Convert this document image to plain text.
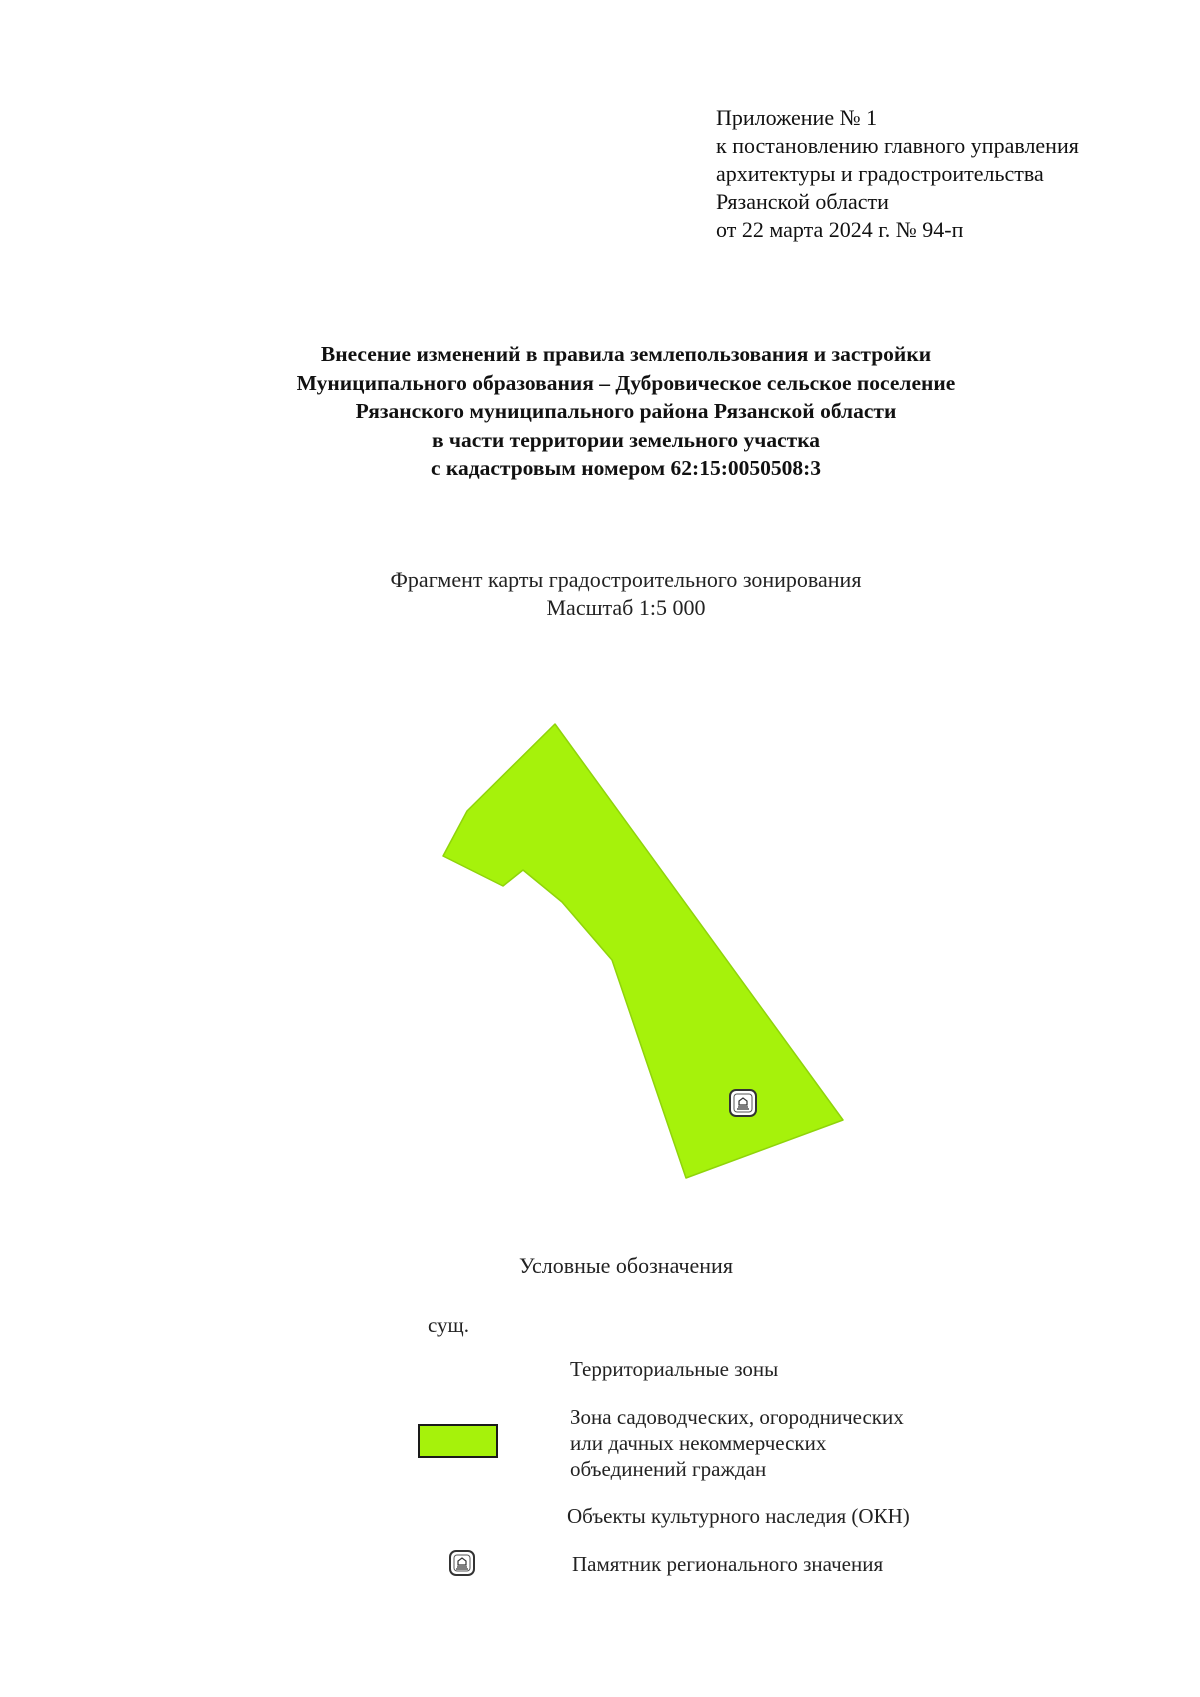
Приложение № 1
к постановлению главного управления
архитектуры и градостроительства
Рязанской области
от 22 марта 2024 г. № 94-п
Внесение изменений в правила землепользования и застройки
Муниципального образования – Дубровическое сельское поселение
Рязанского муниципального района Рязанской области
в части территории земельного участка
с кадастровым номером 62:15:0050508:3
Фрагмент карты градостроительного зонирования
Масштаб 1:5 000
Условные обозначения
сущ.
Территориальные зоны
Зона садоводческих, огороднических
или дачных некоммерческих
объединений граждан
Объекты культурного наследия (ОКН)
Памятник регионального значения
